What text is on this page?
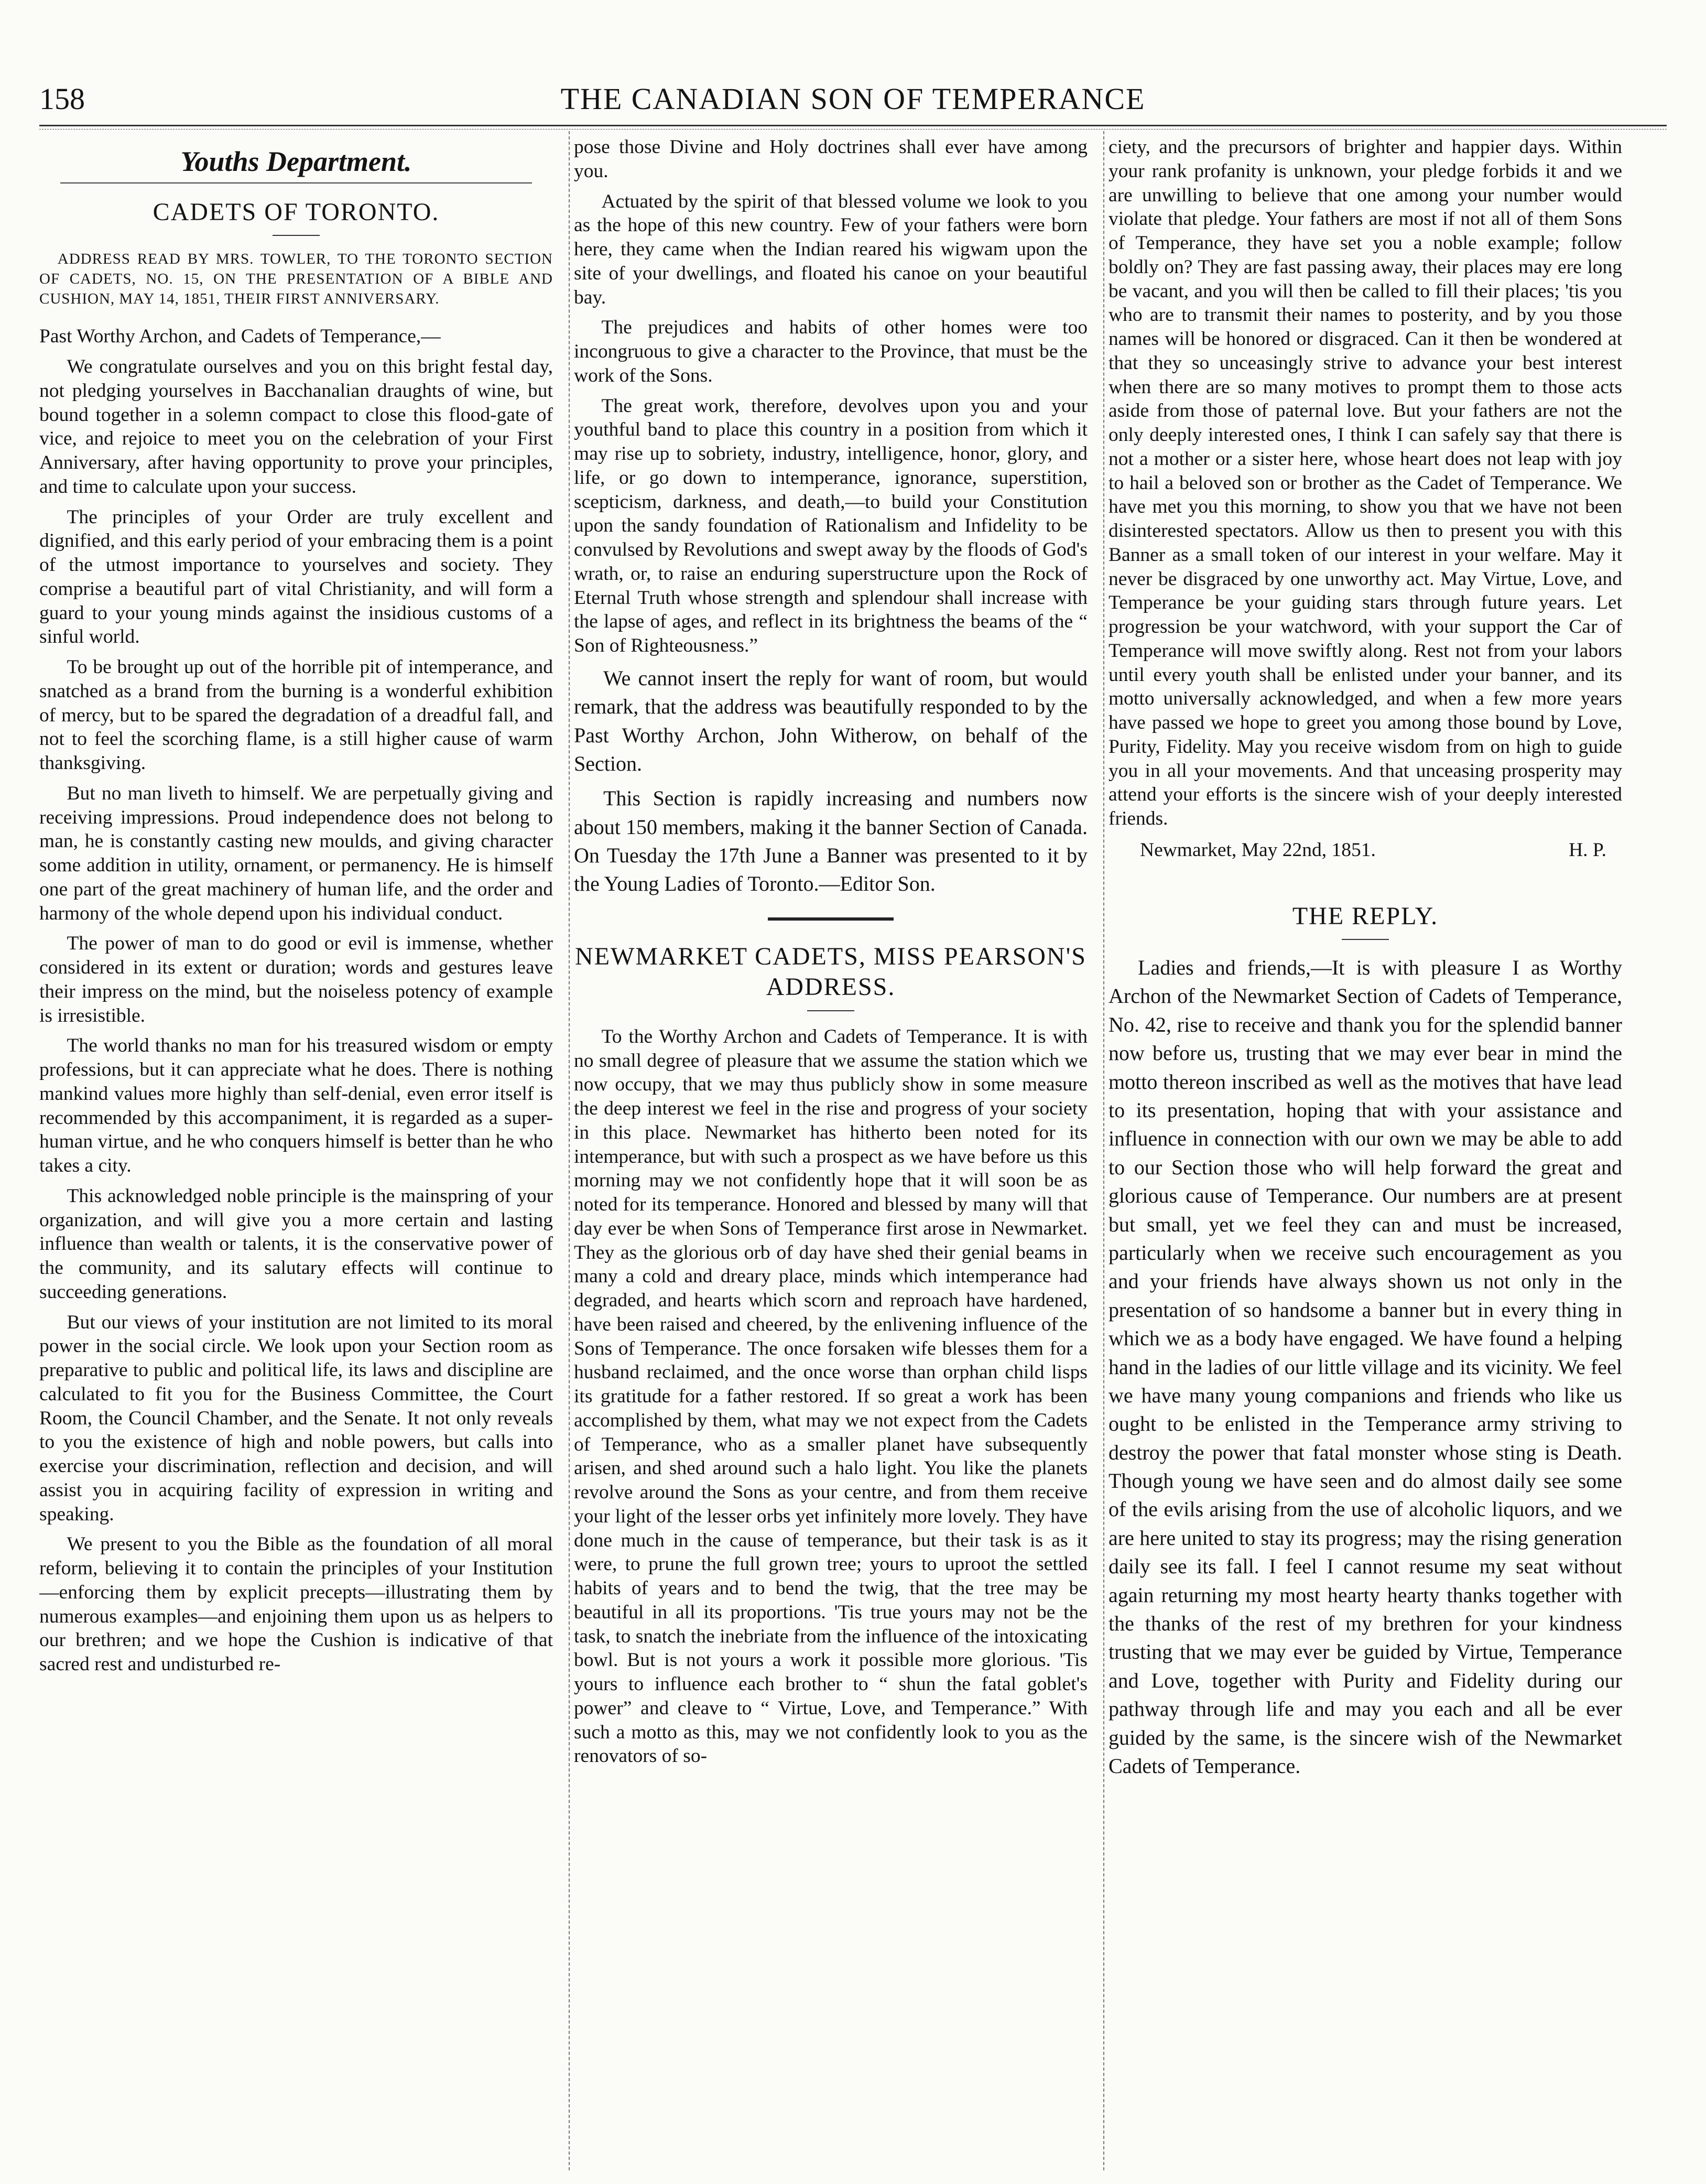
THE CANADIAN SON OF TEMPERANCE
158
Youths Department.
CADETS OF TORONTO.
ADDRESS READ BY MRS. TOWLER, TO THE TORONTO SECTION OF CADETS, NO. 15, ON THE PRESENTATION OF A BIBLE AND CUSHION, MAY 14, 1851, THEIR FIRST ANNIVERSARY.

Past Worthy Archon, and Cadets of Temperance,—

We congratulate ourselves and you on this bright festal day, not pledging yourselves in Bacchanalian draughts of wine, but bound together in a solemn compact to close this flood-gate of vice, and rejoice to meet you on the celebration of your First Anniversary, after having opportunity to prove your principles, and time to calculate upon your success.

The principles of your Order are truly excellent and dignified, and this early period of your embracing them is a point of the utmost importance to yourselves and society. They comprise a beautiful part of vital Christianity, and will form a guard to your young minds against the insidious customs of a sinful world.

To be brought up out of the horrible pit of intemperance, and snatched as a brand from the burning is a wonderful exhibition of mercy, but to be spared the degradation of a dreadful fall, and not to feel the scorching flame, is a still higher cause of warm thanksgiving.

But no man liveth to himself. We are perpetually giving and receiving impressions. Proud independence does not belong to man, he is constantly casting new moulds, and giving character some addition in utility, ornament, or permanency. He is himself one part of the great machinery of human life, and the order and harmony of the whole depend upon his individual conduct.

The power of man to do good or evil is immense, whether considered in its extent or duration; words and gestures leave their impress on the mind, but the noiseless potency of example is irresistible.

The world thanks no man for his treasured wisdom or empty professions, but it can appreciate what he does. There is nothing mankind values more highly than self-denial, even error itself is recommended by this accompaniment, it is regarded as a super-human virtue, and he who conquers himself is better than he who takes a city.

This acknowledged noble principle is the mainspring of your organization, and will give you a more certain and lasting influence than wealth or talents, it is the conservative power of the community, and its salutary effects will continue to succeeding generations.

But our views of your institution are not limited to its moral power in the social circle. We look upon your Section room as preparative to public and political life, its laws and discipline are calculated to fit you for the Business Committee, the Court Room, the Council Chamber, and the Senate. It not only reveals to you the existence of high and noble powers, but calls into exercise your discrimination, reflection and decision, and will assist you in acquiring facility of expression in writing and speaking.

We present to you the Bible as the foundation of all moral reform, believing it to contain the principles of your Institution—enforcing them by explicit precepts—illustrating them by numerous examples—and enjoining them upon us as helpers to our brethren; and we hope the Cushion is indicative of that sacred rest and undisturbed re-

pose those Divine and Holy doctrines shall ever have among you.

Actuated by the spirit of that blessed volume we look to you as the hope of this new country. Few of your fathers were born here, they came when the Indian reared his wigwam upon the site of your dwellings, and floated his canoe on your beautiful bay.

The prejudices and habits of other homes were too incongruous to give a character to the Province, that must be the work of the Sons.

The great work, therefore, devolves upon you and your youthful band to place this country in a position from which it may rise up to sobriety, industry, intelligence, honor, glory, and life, or go down to intemperance, ignorance, superstition, scepticism, darkness, and death,—to build your Constitution upon the sandy foundation of Rationalism and Infidelity to be convulsed by Revolutions and swept away by the floods of God's wrath, or, to raise an enduring superstructure upon the Rock of Eternal Truth whose strength and splendour shall increase with the lapse of ages, and reflect in its brightness the beams of the “ Son of Righteousness.”

We cannot insert the reply for want of room, but would remark, that the address was beautifully responded to by the Past Worthy Archon, John Witherow, on behalf of the Section.

This Section is rapidly increasing and numbers now about 150 members, making it the banner Section of Canada. On Tuesday the 17th June a Banner was presented to it by the Young Ladies of Toronto.—Editor Son.

NEWMARKET CADETS, MISS PEARSON'S ADDRESS.

To the Worthy Archon and Cadets of Temperance. It is with no small degree of pleasure that we assume the station which we now occupy, that we may thus publicly show in some measure the deep interest we feel in the rise and progress of your society in this place. Newmarket has hitherto been noted for its intemperance, but with such a prospect as we have before us this morning may we not confidently hope that it will soon be as noted for its temperance. Honored and blessed by many will that day ever be when Sons of Temperance first arose in Newmarket. They as the glorious orb of day have shed their genial beams in many a cold and dreary place, minds which intemperance had degraded, and hearts which scorn and reproach have hardened, have been raised and cheered, by the enlivening influence of the Sons of Temperance. The once forsaken wife blesses them for a husband reclaimed, and the once worse than orphan child lisps its gratitude for a father restored. If so great a work has been accomplished by them, what may we not expect from the Cadets of Temperance, who as a smaller planet have subsequently arisen, and shed around such a halo light. You like the planets revolve around the Sons as your centre, and from them receive your light of the lesser orbs yet infinitely more lovely. They have done much in the cause of temperance, but their task is as it were, to prune the full grown tree; yours to uproot the settled habits of years and to bend the twig, that the tree may be beautiful in all its proportions. 'Tis true yours may not be the task, to snatch the inebriate from the influence of the intoxicating bowl. But is not yours a work it possible more glorious. 'Tis yours to influence each brother to “ shun the fatal goblet's power” and cleave to “ Virtue, Love, and Temperance.” With such a motto as this, may we not confidently look to you as the renovators of so-

ciety, and the precursors of brighter and happier days. Within your rank profanity is unknown, your pledge forbids it and we are unwilling to believe that one among your number would violate that pledge. Your fathers are most if not all of them Sons of Temperance, they have set you a noble example; follow boldly on? They are fast passing away, their places may ere long be vacant, and you will then be called to fill their places; 'tis you who are to transmit their names to posterity, and by you those names will be honored or disgraced. Can it then be wondered at that they so unceasingly strive to advance your best interest when there are so many motives to prompt them to those acts aside from those of paternal love. But your fathers are not the only deeply interested ones, I think I can safely say that there is not a mother or a sister here, whose heart does not leap with joy to hail a beloved son or brother as the Cadet of Temperance. We have met you this morning, to show you that we have not been disinterested spectators. Allow us then to present you with this Banner as a small token of our interest in your welfare. May it never be disgraced by one unworthy act. May Virtue, Love, and Temperance be your guiding stars through future years. Let progression be your watchword, with your support the Car of Temperance will move swiftly along. Rest not from your labors until every youth shall be enlisted under your banner, and its motto universally acknowledged, and when a few more years have passed we hope to greet you among those bound by Love, Purity, Fidelity. May you receive wisdom from on high to guide you in all your movements. And that unceasing prosperity may attend your efforts is the sincere wish of your deeply interested friends.

Newmarket, May 22nd, 1851.	H. P.
THE REPLY.

Ladies and friends,—It is with pleasure I as Worthy Archon of the Newmarket Section of Cadets of Temperance, No. 42, rise to receive and thank you for the splendid banner now before us, trusting that we may ever bear in mind the motto thereon inscribed as well as the motives that have lead to its presentation, hoping that with your assistance and influence in connection with our own we may be able to add to our Section those who will help forward the great and glorious cause of Temperance. Our numbers are at present but small, yet we feel they can and must be increased, particularly when we receive such encouragement as you and your friends have always shown us not only in the presentation of so handsome a banner but in every thing in which we as a body have engaged. We have found a helping hand in the ladies of our little village and its vicinity. We feel we have many young companions and friends who like us ought to be enlisted in the Temperance army striving to destroy the power that fatal monster whose sting is Death. Though young we have seen and do almost daily see some of the evils arising from the use of alcoholic liquors, and we are here united to stay its progress; may the rising generation daily see its fall. I feel I cannot resume my seat without again returning my most hearty hearty thanks together with the thanks of the rest of my brethren for your kindness trusting that we may ever be guided by Virtue, Temperance and Love, together with Purity and Fidelity during our pathway through life and may you each and all be ever guided by the same, is the sincere wish of the Newmarket Cadets of Temperance.
